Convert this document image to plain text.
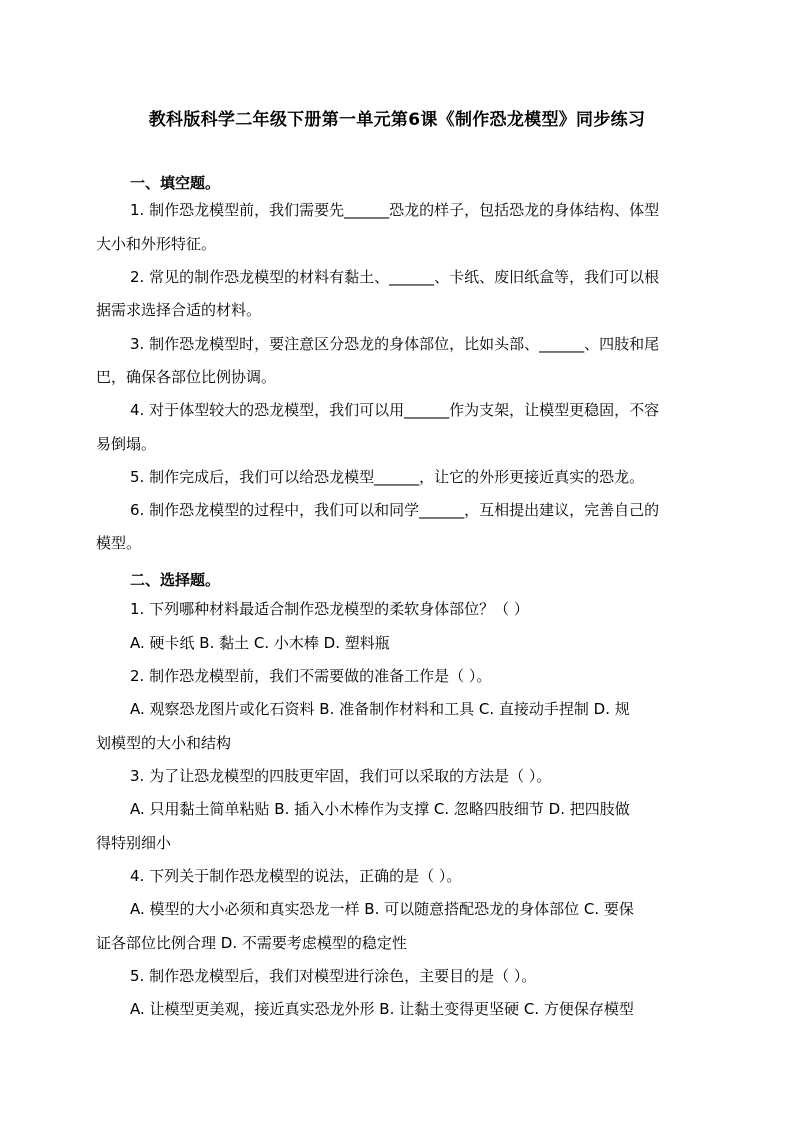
教科版科学二年级下册第一单元第6课《制作恐龙模型》同步练习
一、填空题。
1. 制作恐龙模型前，我们需要先______恐龙的样子，包括恐龙的身体结构、体型
大小和外形特征。
2. 常见的制作恐龙模型的材料有黏土、______、卡纸、废旧纸盒等，我们可以根
据需求选择合适的材料。
3. 制作恐龙模型时，要注意区分恐龙的身体部位，比如头部、______、四肢和尾
巴，确保各部位比例协调。
4. 对于体型较大的恐龙模型，我们可以用______作为支架，让模型更稳固，不容
易倒塌。
5. 制作完成后，我们可以给恐龙模型______，让它的外形更接近真实的恐龙。
6. 制作恐龙模型的过程中，我们可以和同学______，互相提出建议，完善自己的
模型。
二、选择题。
1. 下列哪种材料最适合制作恐龙模型的柔软身体部位？（ ）
A. 硬卡纸 B. 黏土 C. 小木棒 D. 塑料瓶
2. 制作恐龙模型前，我们不需要做的准备工作是（ ）。
A. 观察恐龙图片或化石资料 B. 准备制作材料和工具 C. 直接动手捏制 D. 规
划模型的大小和结构
3. 为了让恐龙模型的四肢更牢固，我们可以采取的方法是（ ）。
A. 只用黏土简单粘贴 B. 插入小木棒作为支撑 C. 忽略四肢细节 D. 把四肢做
得特别细小
4. 下列关于制作恐龙模型的说法，正确的是（ ）。
A. 模型的大小必须和真实恐龙一样 B. 可以随意搭配恐龙的身体部位 C. 要保
证各部位比例合理 D. 不需要考虑模型的稳定性
5. 制作恐龙模型后，我们对模型进行涂色，主要目的是（ ）。
A. 让模型更美观，接近真实恐龙外形 B. 让黏土变得更坚硬 C. 方便保存模型
